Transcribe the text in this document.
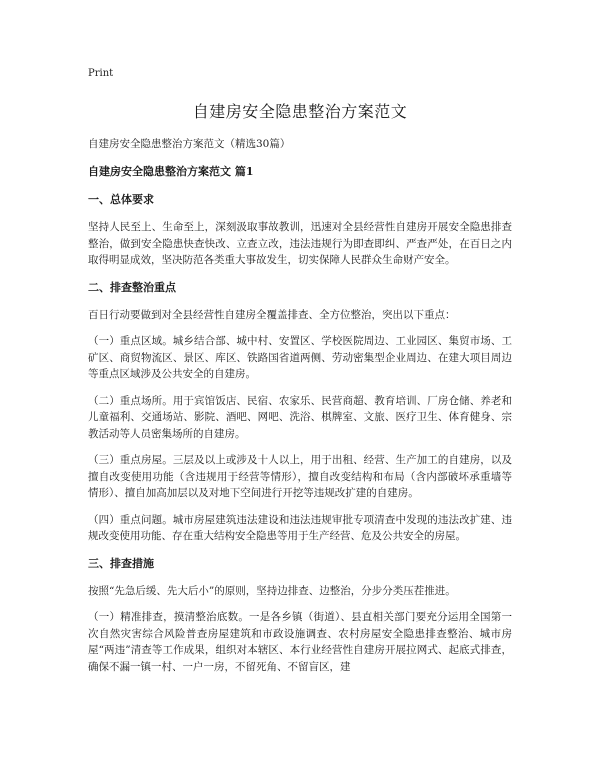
Print
自建房安全隐患整治方案范文
自建房安全隐患整治方案范文（精选30篇）
自建房安全隐患整治方案范文 篇1
一、总体要求

坚持人民至上、生命至上，深刻汲取事故教训，迅速对全县经营性自建房开展安全隐患排查整治，做到安全隐患快查快改、立查立改，违法违规行为即查即纠、严查严处，在百日之内取得明显成效，坚决防范各类重大事故发生，切实保障人民群众生命财产安全。

二、排查整治重点

百日行动要做到对全县经营性自建房全覆盖排查、全方位整治，突出以下重点：

（一）重点区域。城乡结合部、城中村、安置区、学校医院周边、工业园区、集贸市场、工矿区、商贸物流区、景区、库区、铁路国省道两侧、劳动密集型企业周边、在建大项目周边等重点区域涉及公共安全的自建房。

（二）重点场所。用于宾馆饭店、民宿、农家乐、民营商超、教育培训、厂房仓储、养老和儿童福利、交通场站、影院、酒吧、网吧、洗浴、棋牌室、文旅、医疗卫生、体育健身、宗教活动等人员密集场所的自建房。

（三）重点房屋。三层及以上或涉及十人以上，用于出租、经营、生产加工的自建房，以及擅自改变使用功能（含违规用于经营等情形），擅自改变结构和布局（含内部破坏承重墙等情形）、擅自加高加层以及对地下空间进行开挖等违规改扩建的自建房。

（四）重点问题。城市房屋建筑违法建设和违法违规审批专项清查中发现的违法改扩建、违规改变使用功能、存在重大结构安全隐患等用于生产经营、危及公共安全的房屋。

三、排查措施

按照“先急后缓、先大后小”的原则，坚持边排查、边整治，分步分类压茬推进。

（一）精准排查，摸清整治底数。一是各乡镇（街道）、县直相关部门要充分运用全国第一次自然灾害综合风险普查房屋建筑和市政设施调查、农村房屋安全隐患排查整治、城市房屋“两违”清查等工作成果，组织对本辖区、本行业经营性自建房开展拉网式、起底式排查，确保不漏一镇一村、一户一房，不留死角、不留盲区，建
